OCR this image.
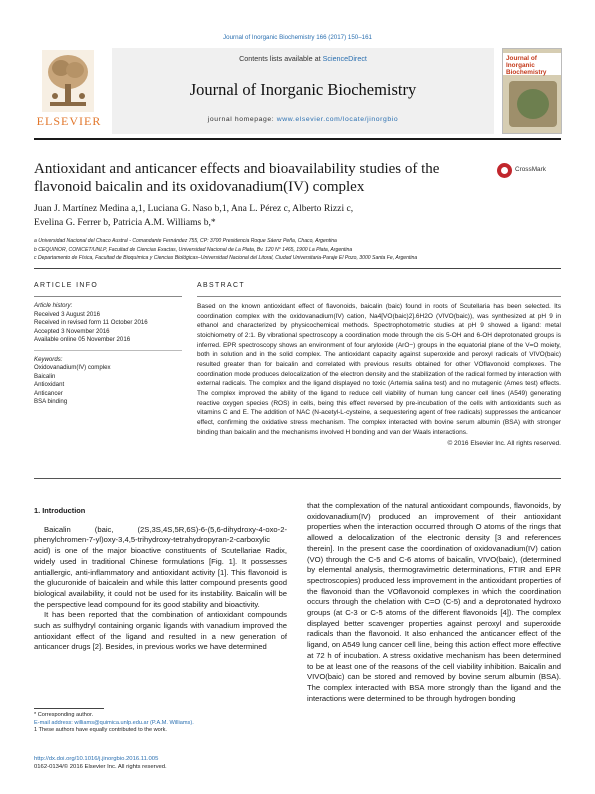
Journal of Inorganic Biochemistry 166 (2017) 150–161
ELSEVIER
Contents lists available at ScienceDirect
Journal of Inorganic Biochemistry
journal homepage: www.elsevier.com/locate/jinorgbio
Journal of Inorganic Biochemistry
Antioxidant and anticancer effects and bioavailability studies of the flavonoid baicalin and its oxidovanadium(IV) complex
CrossMark
Juan J. Martínez Medina a,1, Luciana G. Naso b,1, Ana L. Pérez c, Alberto Rizzi c,
Evelina G. Ferrer b, Patricia A.M. Williams b,*
a Universidad Nacional del Chaco Austral - Comandante Fernández 755, CP: 3700 Presidencia Roque Sáenz Peña, Chaco, Argentina
b CEQUINOR, CONICET/UNLP, Facultad de Ciencias Exactas, Universidad Nacional de La Plata, Bv. 120 N° 1465, 1900 La Plata, Argentina
c Departamento de Física, Facultad de Bioquímica y Ciencias Biológicas–Universidad Nacional del Litoral, Ciudad Universitaria-Paraje El Pozo, 3000 Santa Fe, Argentina
ARTICLE INFO
Article history:
Received 3 August 2016
Received in revised form 11 October 2016
Accepted 3 November 2016
Available online 05 November 2016
Keywords:
Oxidovanadium(IV) complex
Baicalin
Antioxidant
Anticancer
BSA binding
ABSTRACT
Based on the known antioxidant effect of flavonoids, baicalin (baic) found in roots of Scutellaria has been selected. Its coordination complex with the oxidovanadium(IV) cation, Na4[VO(baic)2].6H2O (VIVO(baic)), was synthesized at pH 9 in ethanol and characterized by physicochemical methods. Spectrophotometric studies at pH 9 showed a ligand: metal stoichiometry of 2:1. By vibrational spectroscopy a coordination mode through the cis 5-OH and 6-OH deprotonated groups is inferred. EPR spectroscopy shows an environment of four aryloxide (ArO−) groups in the equatorial plane of the V=O moiety, both in solution and in the solid complex. The antioxidant capacity against superoxide and peroxyl radicals of VIVO(baic) resulted greater than for baicalin and correlated with previous results obtained for other VOflavonoid complexes. The coordination mode produces delocalization of the electron density and the stabilization of the radical formed by interaction with external radicals. The complex and the ligand displayed no toxic (Artemia salina test) and no mutagenic (Ames test) effects. The complex improved the ability of the ligand to reduce cell viability of human lung cancer cell lines (A549) generating reactive oxygen species (ROS) in cells, being this effect reversed by pre-incubation of the cells with antioxidants such as vitamins C and E. The addition of NAC (N-acetyl-L-cysteine, a sequestering agent of free radicals) suppresses the anticancer effect, confirming the oxidative stress mechanism. The complex interacted with bovine serum albumin (BSA) with stronger binding than baicalin and the mechanisms involved H bonding and van der Waals interactions.
© 2016 Elsevier Inc. All rights reserved.
1. Introduction

Baicalin (baic, (2S,3S,4S,5R,6S)-6-(5,6-dihydroxy-4-oxo-2-phenylchromen-7-yl)oxy-3,4,5-trihydroxy-tetrahydropyran-2-carboxylic acid) is one of the major bioactive constituents of Scutellariae Radix, widely used in traditional Chinese formulations [Fig. 1]. It possesses antiallergic, anti-inflammatory and antioxidant activity [1]. This flavonoid is the glucuronide of baicalein and while this latter compound presents good biological availability, it could not be used for its instability. Baicalin will be the perspective lead compound for its good stability and bioactivity.

It has been reported that the combination of antioxidant compounds such as sulfhydryl containing organic ligands with vanadium improved the antioxidant effect of the ligand and resulted in a new generation of anticancer drugs [2]. Besides, in previous works we have determined

that the complexation of the natural antioxidant compounds, flavonoids, by oxidovanadium(IV) produced an improvement of their antioxidant properties when the interaction occurred through O atoms of the rings that allowed a delocalization of the electronic density [3 and references therein]. In the present case the coordination of oxidovanadium(IV) cation (VO) through the C-5 and C-6 atoms of baicalin, VIVO(baic), (determined by elemental analysis, thermogravimetric determinations, FTIR and EPR spectroscopies) produced less improvement in the antioxidant properties of the flavonoid than the VOflavonoid complexes in which the coordination occurs through the chelation with C=O (C-5) and a deprotonated hydroxo groups (at C-3 or C-5 atoms of the different flavonoids [4]). The complex displayed better scavenger properties against peroxyl and superoxide radicals than the flavonoid. It also enhanced the anticancer effect of the ligand, on A549 lung cancer cell line, being this action effect more effective at 72 h of incubation. A stress oxidative mechanism has been determined to be at least one of the reasons of the cell viability inhibition. Baicalin and VIVO(baic) can be stored and removed by bovine serum albumin (BSA). The complex interacted with BSA more strongly than the ligand and the interactions were determined to be through hydrogen bonding
* Corresponding author.
E-mail address: williams@quimica.unlp.edu.ar (P.A.M. Williams).
1 These authors have equally contributed to the work.
http://dx.doi.org/10.1016/j.jinorgbio.2016.11.005
0162-0134/© 2016 Elsevier Inc. All rights reserved.
